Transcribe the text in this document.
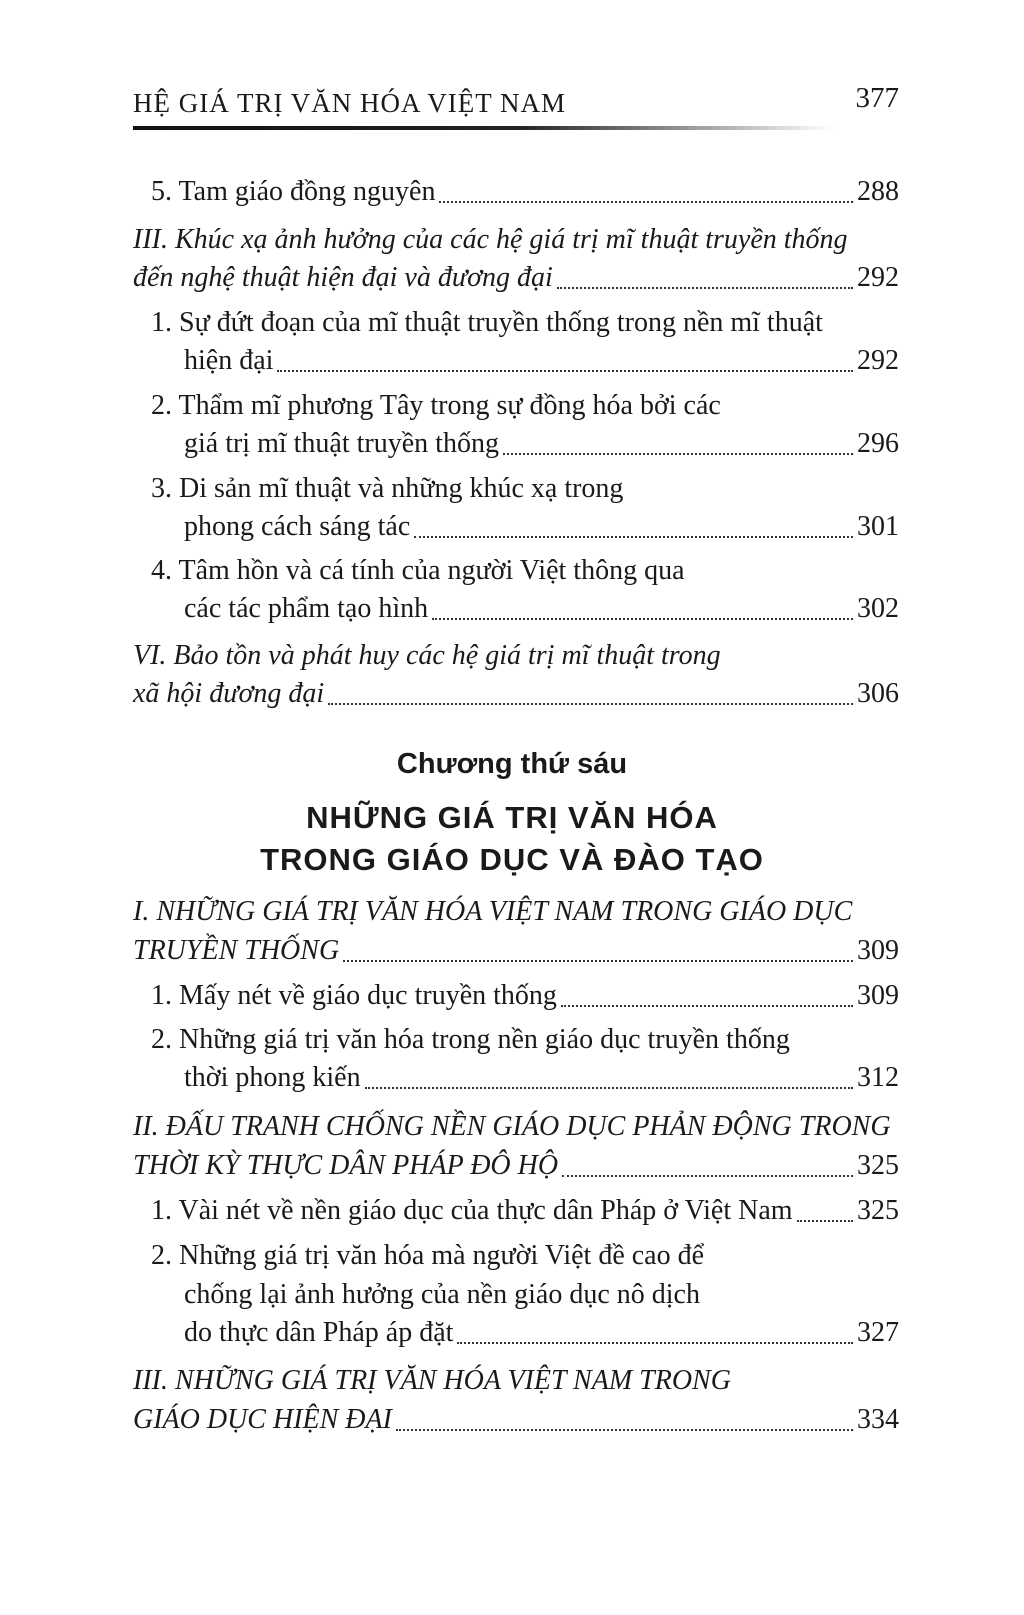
HỆ GIÁ TRỊ VĂN HÓA VIỆT NAM	377
5. Tam giáo đồng nguyên	288
III. Khúc xạ ảnh hưởng của các hệ giá trị mĩ thuật truyền thống
đến nghệ thuật hiện đại và đương đại	292
1. Sự đứt đoạn của mĩ thuật truyền thống trong nền mĩ thuật
hiện đại	292
2. Thẩm mĩ phương Tây trong sự đồng hóa bởi các
giá trị mĩ thuật truyền thống	296
3. Di sản mĩ thuật và những khúc xạ trong
phong cách sáng tác	301
4. Tâm hồn và cá tính của người Việt thông qua
các tác phẩm tạo hình	302
VI. Bảo tồn và phát huy các hệ giá trị mĩ thuật trong
xã hội đương đại	306
Chương thứ sáu
NHỮNG GIÁ TRỊ VĂN HÓA
TRONG GIÁO DỤC VÀ ĐÀO TẠO
I. NHỮNG GIÁ TRỊ VĂN HÓA VIỆT NAM TRONG GIÁO DỤC
TRUYỀN THỐNG	309
1. Mấy nét về giáo dục truyền thống	309
2. Những giá trị văn hóa trong nền giáo dục truyền thống
thời phong kiến	312
II. ĐẤU TRANH CHỐNG NỀN GIÁO DỤC PHẢN ĐỘNG TRONG
THỜI KỲ THỰC DÂN PHÁP ĐÔ HỘ	325
1. Vài nét về nền giáo dục của thực dân Pháp ở Việt Nam 325
2. Những giá trị văn hóa mà người Việt đề cao để
chống lại ảnh hưởng của nền giáo dục nô dịch
do thực dân Pháp áp đặt	327
III. NHỮNG GIÁ TRỊ VĂN HÓA VIỆT NAM TRONG
GIÁO DỤC HIỆN ĐẠI	334
